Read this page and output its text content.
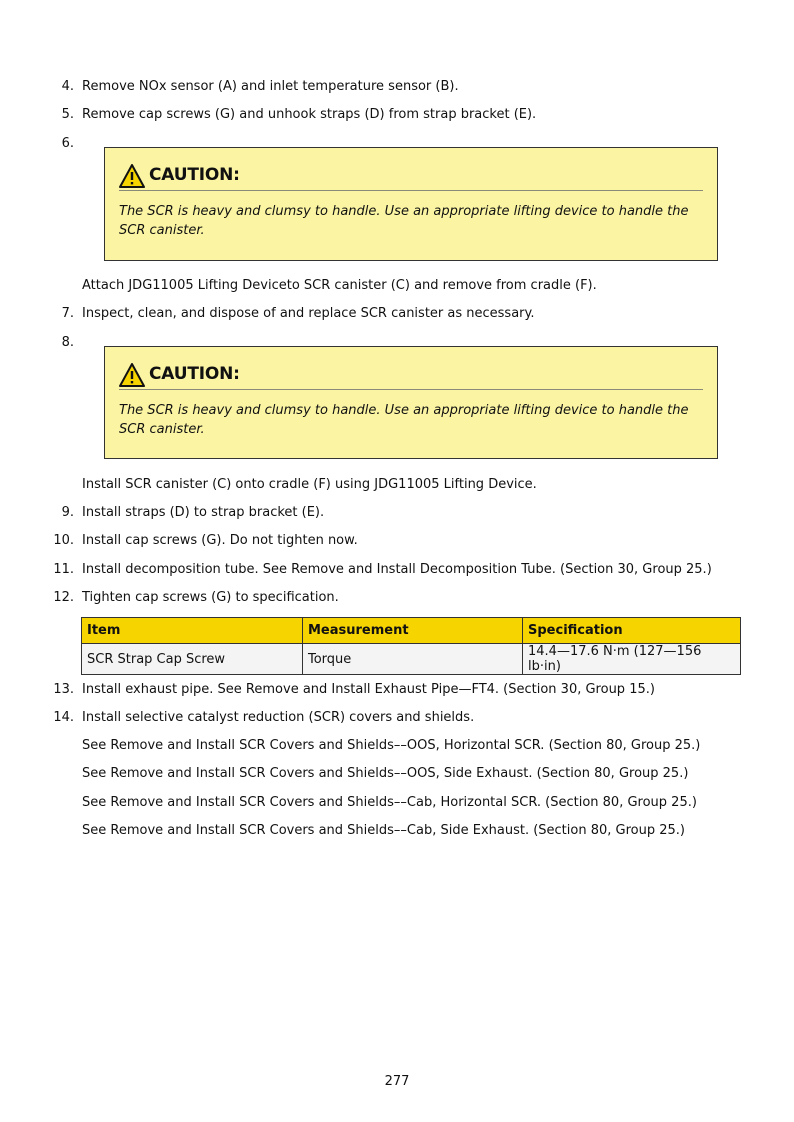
4. Remove NOx sensor (A) and inlet temperature sensor (B).
5. Remove cap screws (G) and unhook straps (D) from strap bracket (E).
6.
CAUTION:
The SCR is heavy and clumsy to handle. Use an appropriate lifting device to handle the SCR canister.
Attach JDG11005 Lifting Deviceto SCR canister (C) and remove from cradle (F).
7. Inspect, clean, and dispose of and replace SCR canister as necessary.
8.
CAUTION:
The SCR is heavy and clumsy to handle. Use an appropriate lifting device to handle the SCR canister.
Install SCR canister (C) onto cradle (F) using JDG11005 Lifting Device.
9. Install straps (D) to strap bracket (E).
10. Install cap screws (G). Do not tighten now.
11. Install decomposition tube. See Remove and Install Decomposition Tube. (Section 30, Group 25.)
12. Tighten cap screws (G) to specification.
Item	Measurement	Specification
SCR Strap Cap Screw	Torque	14.4—17.6 N·m (127—156 lb·in)
13. Install exhaust pipe. See Remove and Install Exhaust Pipe—FT4. (Section 30, Group 15.)
14. Install selective catalyst reduction (SCR) covers and shields.
See Remove and Install SCR Covers and Shields––OOS, Horizontal SCR. (Section 80, Group 25.)
See Remove and Install SCR Covers and Shields––OOS, Side Exhaust. (Section 80, Group 25.)
See Remove and Install SCR Covers and Shields––Cab, Horizontal SCR. (Section 80, Group 25.)
See Remove and Install SCR Covers and Shields––Cab, Side Exhaust. (Section 80, Group 25.)
277
